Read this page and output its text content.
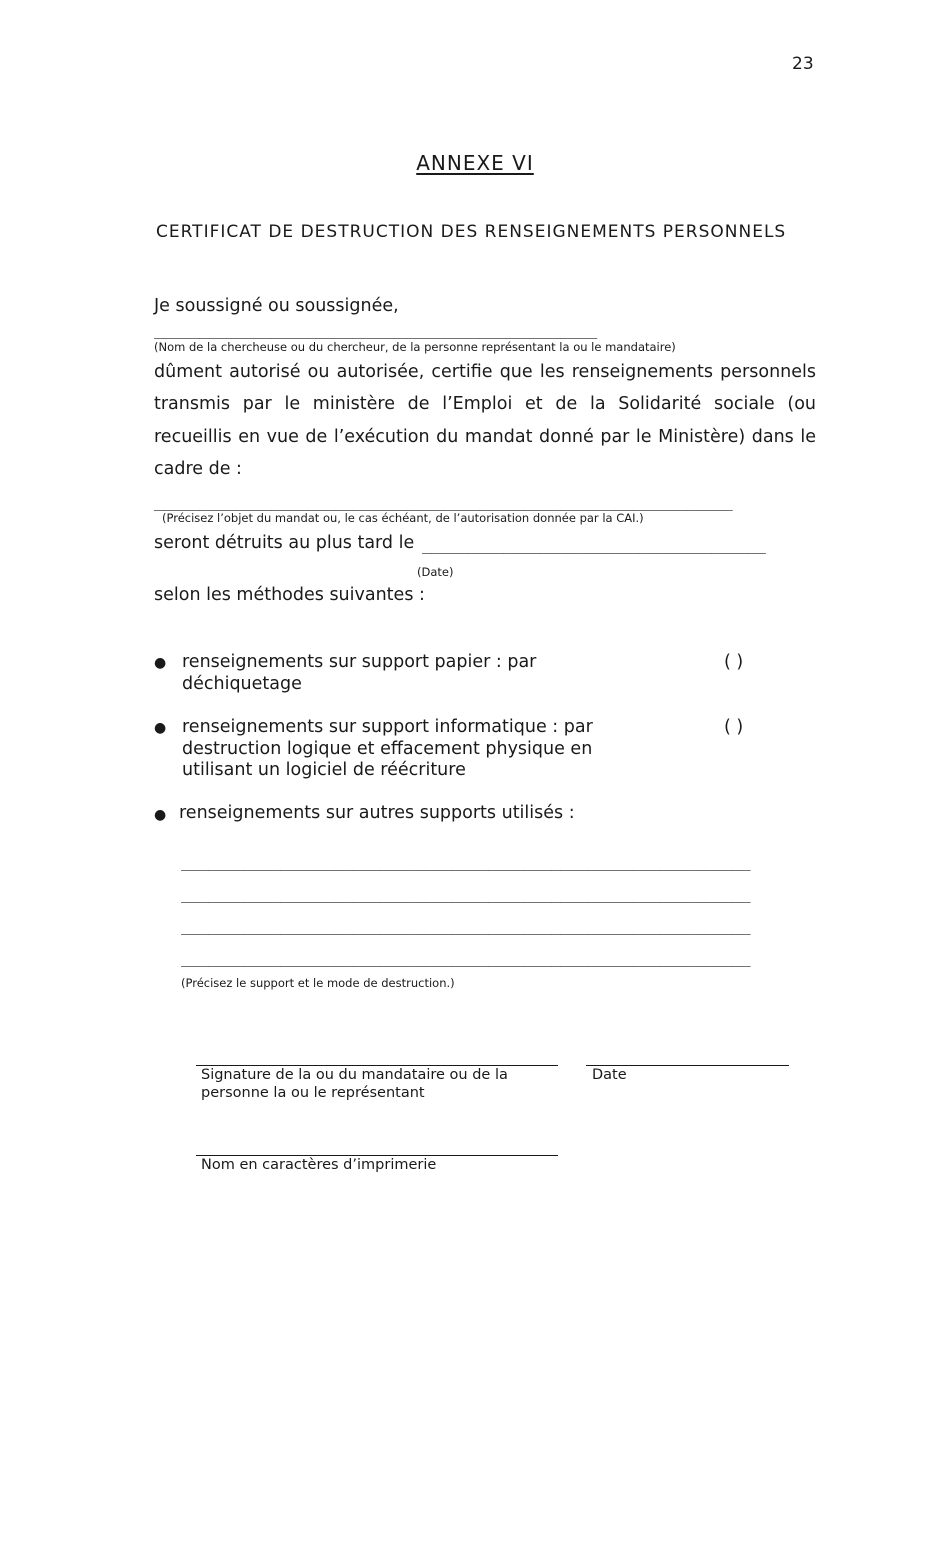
23
ANNEXE VI
CERTIFICAT DE DESTRUCTION DES RENSEIGNEMENTS PERSONNELS
Je soussigné ou soussignée,
_________________________________________________
(Nom de la chercheuse ou du chercheur, de la personne représentant la ou le mandataire)
dûment autorisé ou autorisée, certifie que les renseignements personnels transmis par le ministère de l’Emploi et de la Solidarité sociale (ou recueillis en vue de l’exécution du mandat donné par le Ministère) dans le cadre de :
________________________________________________________________
(Précisez l’objet du mandat ou, le cas échéant, de l’autorisation donnée par la CAI.)
seront détruits au plus tard le ______________________________________
(Date)
selon les méthodes suivantes :
● renseignements sur support papier : par déchiquetage
( )
● renseignements sur support informatique : par destruction logique et effacement physique en utilisant un logiciel de réécriture
( )
● renseignements sur autres supports utilisés :
_______________________________________________________________
_______________________________________________________________
_______________________________________________________________
_______________________________________________________________
(Précisez le support et le mode de destruction.)
Signature de la ou du mandataire ou de la personne la ou le représentant
Date
Nom en caractères d’imprimerie
